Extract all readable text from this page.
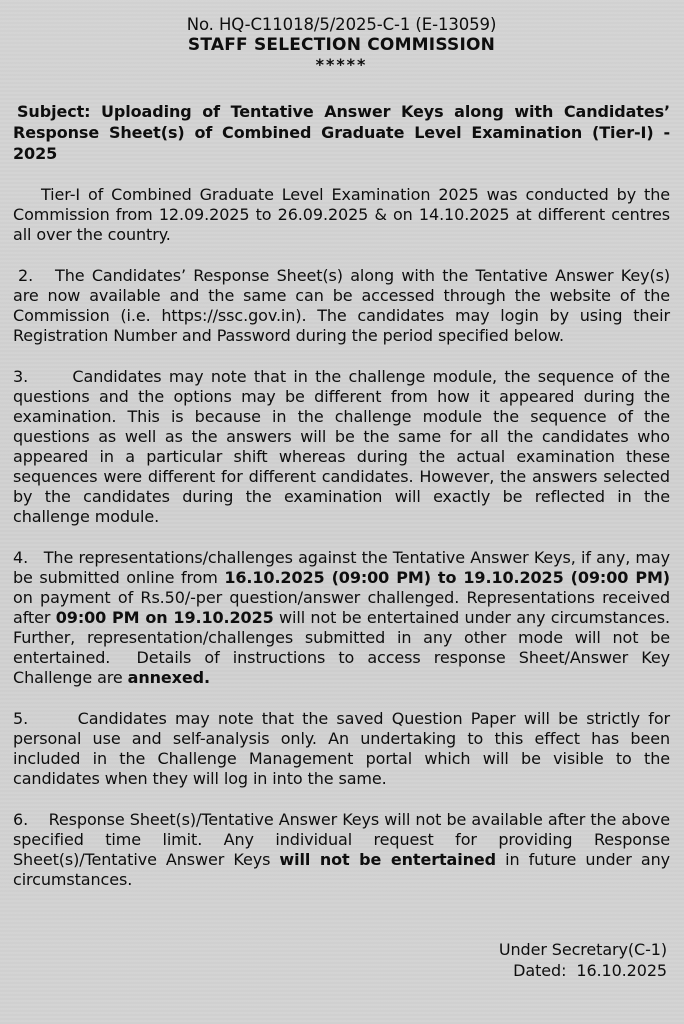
No. HQ-C11018/5/2025-C-1 (E-13059)
STAFF SELECTION COMMISSION
*****
Subject: Uploading of Tentative Answer Keys along with Candidates’ Response Sheet(s) of Combined Graduate Level Examination (Tier-I) - 2025

Tier-I of Combined Graduate Level Examination 2025 was conducted by the Commission from 12.09.2025 to 26.09.2025 & on 14.10.2025 at different centres all over the country.

2.   The Candidates’ Response Sheet(s) along with the Tentative Answer Key(s) are now available and the same can be accessed through the website of the Commission (i.e. https://ssc.gov.in). The candidates may login by using their Registration Number and Password during the period specified below.

3.      Candidates may note that in the challenge module, the sequence of the questions and the options may be different from how it appeared during the examination. This is because in the challenge module the sequence of the questions as well as the answers will be the same for all the candidates who appeared in a particular shift whereas during the actual examination these sequences were different for different candidates. However, the answers selected by the candidates during the examination will exactly be reflected in the challenge module.

4.   The representations/challenges against the Tentative Answer Keys, if any, may be submitted online from 16.10.2025 (09:00 PM) to 19.10.2025 (09:00 PM) on payment of Rs.50/-per question/answer challenged. Representations received after 09:00 PM on 19.10.2025 will not be entertained under any circumstances. Further, representation/challenges submitted in any other mode will not be entertained.  Details of instructions to access response Sheet/Answer Key Challenge are annexed.

5.      Candidates may note that the saved Question Paper will be strictly for personal use and self-analysis only. An undertaking to this effect has been included in the Challenge Management portal which will be visible to the candidates when they will log in into the same.

6.    Response Sheet(s)/Tentative Answer Keys will not be available after the above specified time limit. Any individual request for providing Response Sheet(s)/Tentative Answer Keys will not be entertained in future under any circumstances.

Under Secretary(C-1)
Dated: 16.10.2025
